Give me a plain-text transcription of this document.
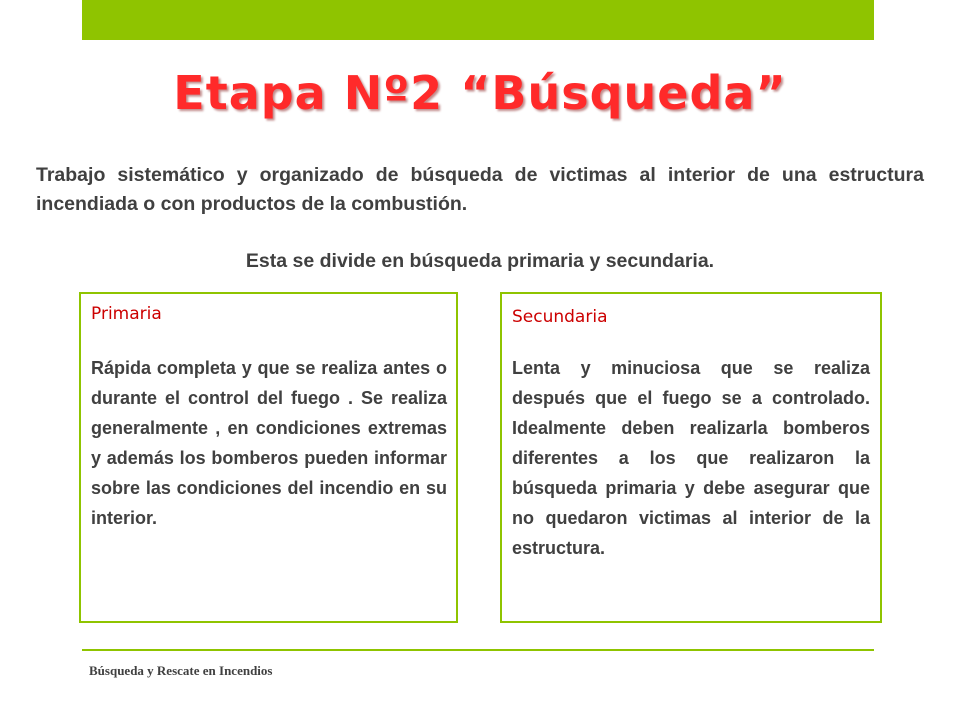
Etapa Nº2 “Búsqueda”
Trabajo sistemático y organizado de búsqueda de victimas al interior de una estructura incendiada o con productos de la combustión.
Esta se divide en búsqueda primaria y secundaria.
Primaria
Rápida completa y que se realiza antes o durante el control del fuego . Se realiza generalmente , en condiciones extremas y además los bomberos pueden informar sobre las condiciones del incendio en su interior.
Secundaria
Lenta y minuciosa que se realiza después que el fuego se a controlado. Idealmente deben realizarla bomberos diferentes a los que realizaron la búsqueda primaria y debe asegurar que no quedaron victimas al interior de la estructura.
Búsqueda y Rescate en Incendios
